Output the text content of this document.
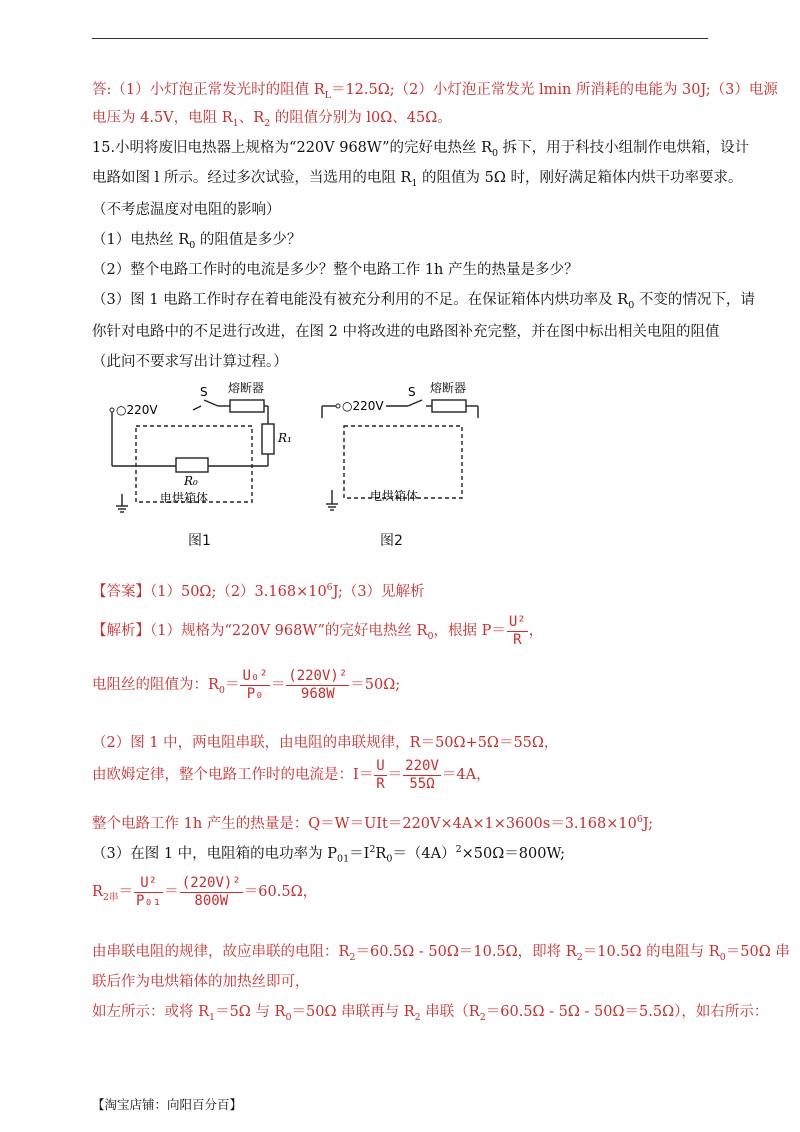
答:（1）小灯泡正常发光时的阻值 $R_L=12.5\Omega;(2)$小灯泡正常发光 lmin 所消耗的电能为 30J;（3）电源
电压为 4.5V，电阻 $R_1$、$R_2$ 的阻值分别为 l0Ω、45Ω。
15.小明将废旧电热器上规格为“220V 968W”的完好电热丝 $R_0$ 拆下，用于科技小组制作电烘箱，设计
电路如图 l 所示。经过多次试验，当选用的电阻 $R_1$ 的阻值为 5Ω 时，刚好满足箱体内烘干功率要求。
（不考虑温度对电阻的影响）
（1）电热丝 $R_0$ 的阻值是多少？
（2）整个电路工作时的电流是多少？整个电路工作 1h 产生的热量是多少？
（3）图 1 电路工作时存在着电能没有被充分利用的不足。在保证箱体内烘功率及 $R_0$ 不变的情况下，请
你针对电路中的不足进行改进，在图 2 中将改进的电路图补充完整，并在图中标出相关电阻的阻值
（此问不要求写出计算过程。）
○220V
S 熔断器
R₁
R₀
电烘箱体
○220V
S 熔断器
电烘箱体
图1	图2
【答案】$(1)50\Omega;(2)3.168\times 10^6J;(3)$见解析
【解析】（1）规格为“220V 968W”的完好电热丝 $R_0$，根据 $P= \frac{\text{U²}}{R}$ ，
电阻丝的阻值为：$R_0= \frac{\text{U₀²}}{\text{P₀}} = \frac{\text{(220V)²}}{968W} =50\Omega$;
（2）图 1 中，两电阻串联，由电阻的串联规律，R＝50Ω+5Ω＝55Ω，
由欧姆定律，整个电路工作时的电流是：$I= \frac{U}{R} = \frac{220V}{55\Omega} =4A$，
整个电路工作 1h 产生的热量是：$Q=W=UIt=220V\times 4A\times 1\times 3600s=3.168\times 10^6J$;
（3）在图 1 中，电阻箱的电功率为 $P_{01}=I^2R_0=(4A)^2\times 50\Omega=800W$;
$R_{2串}= \frac{\text{U²}}{\text{P₀₁}} = \frac{\text{(220V)²}}{800W} =60.5\Omega$，
由串联电阻的规律，故应串联的电阻：$R_2=60.5\Omega - 50\Omega=10.5\Omega$，即将 $R_2=10.5\Omega$ 的电阻与 $R_0=50\Omega$ 串
联后作为电烘箱体的加热丝即可，
如左所示：或将 $R_1=5\Omega$ 与 $R_0=50\Omega$ 串联再与 $R_2$ 串联$(R_2=60.5\Omega - 5\Omega - 50\Omega=5.5\Omega)$，如右所示：
【淘宝店铺：向阳百分百】
